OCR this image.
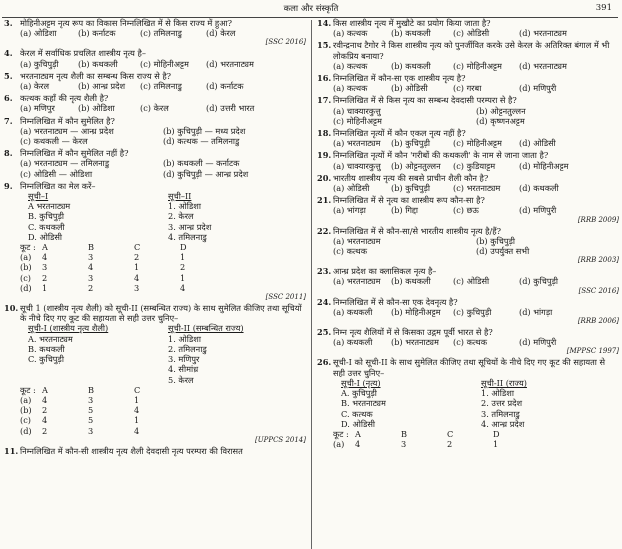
कला और संस्कृति	391
3. मोहिनीअट्टम नृत्य रूप का विकास निम्नलिखित में से किस राज्य में हुआ?
(a) ओडिशा	(b) कर्नाटक	(c) तमिलनाडु	(d) केरल
[SSC 2016]
4. केरल में सर्वाधिक प्रचलित शास्त्रीय नृत्य है–
(a) कुचिपुड़ी	(b) कथकली	(c) मोहिनीअट्टम	(d) भरतनाट्यम
5. भरतनाट्यम नृत्य शैली का सम्बन्ध किस राज्य से है?
(a) केरल	(b) आन्ध्र प्रदेश	(c) तमिलनाडु	(d) कर्नाटक
6. कत्थक कहाँ की नृत्य शैली है?
(a) मणिपुर	(b) ओडिशा	(c) केरल	(d) उत्तरी भारत
7. निम्नलिखित में कौन सुमेलित है?
(a) भरतनाट्यम — आन्ध्र प्रदेश	(b) कुचिपुड़ी — मध्य प्रदेश
(c) कथकली — केरल	(d) कत्थक — तमिलनाडु
8. निम्नलिखित में कौन सुमेलित नहीं है?
(a) भरतनाट्यम — तमिलनाडु	(b) कथकली — कर्नाटक
(c) ओडिसी — ओडिशा	(d) कुचिपुड़ी — आन्ध्र प्रदेश
9. निम्नलिखित का मेल करें–
सूची–I	सूची–II
A भरतनाट्यम	1. ओडिशा
B. कुचिपुड़ी	2. केरल
C. कथकली	3. आन्ध्र प्रदेश
D. ओडिसी	4. तमिलनाडु
कूट : A	B	C	D
(a)	4	3	2	1
(b)	3	4	1	2
(c)	2	3	4	1
(d)	1	2	3	4
[SSC 2011]
10. सूची 1 (शास्त्रीय नृत्य शैली) को सूची-II (सम्बन्धित राज्य) के साथ सुमेलित कीजिए तथा सूचियों के नीचे दिए गए कूट की सहायता से सही उत्तर चुनिए–
सूची-I (शास्त्रीय नृत्य शैली)	सूची-II (सम्बन्धित राज्य)
A. भरतनाट्यम	1. ओडिशा
B. कथकली	2. तमिलनाडु
C. कुचिपुड़ी	3. मणिपुर
4. सीमांध्र
5. केरल
कूट : A	B	C
(a)	4	3	1
(b)	2	5	4
(c)	4	5	1
(d)	2	3	4
[UPPCS 2014]
11. निम्नलिखित में कौन-सी शास्त्रीय नृत्य शैली देवदासी नृत्य परम्परा की विरासत
14. किस शास्त्रीय नृत्य में मुखौटे का प्रयोग किया जाता है?
(a) कत्थक	(b) कथकली	(c) ओडिसी	(d) भरतनाट्यम
15. रवीन्द्रनाथ टैगोर ने किस शास्त्रीय नृत्य को पुनर्जीवित करके उसे केरल के अतिरिक्त बंगाल में भी लोकप्रिय बनाया?
(a) कत्थक	(b) कथकली	(c) मोहिनीअट्टम	(d) भरतनाट्यम
16. निम्नलिखित में कौन-सा एक शास्त्रीय नृत्य है?
(a) कत्थक	(b) ओडिसी	(c) गरबा	(d) मणिपुरी
17. निम्नलिखित में से किस नृत्य का सम्बन्ध देवदासी परम्परा से है?
(a) चाक्यारकुत्तु	(b) ओट्टनतुल्लन
(c) मोहिनीअट्टम	(d) कृष्णनअट्टम
18. निम्नलिखित नृत्यों में कौन एकल नृत्य नहीं है?
(a) भरतनाट्यम	(b) कुचिपुड़ी	(c) मोहिनीअट्टम	(d) ओडिसी
19. निम्नलिखित नृत्यों में कौन 'गरीबों की कथकली' के नाम से जाना जाता है?
(a) चाक्यारकुत्तु	(b) ओट्टनतुल्लन	(c) कुडियाट्टम	(d) मोहिनीअट्टम
20. भारतीय शास्त्रीय नृत्य की सबसे प्राचीन शैली कौन है?
(a) ओडिसी	(b) कुचिपुड़ी	(c) भरतनाट्यम	(d) कथकली
21. निम्नलिखित में से नृत्य का शास्त्रीय रूप कौन-सा है?
(a) भांगड़ा	(b) गिद्दा	(c) छऊ	(d) मणिपुरी
[RRB 2009]
22. निम्नलिखित में से कौन-सा/से भारतीय शास्त्रीय नृत्य है/हैं?
(a) भरतनाट्यम	(b) कुचिपुड़ी
(c) कत्थक	(d) उपर्युक्त सभी
[RRB 2003]
23. आन्ध्र प्रदेश का क्लासिकल नृत्य है–
(a) भरतनाट्यम	(b) कथकली	(c) ओडिसी	(d) कुचिपुड़ी
[SSC 2016]
24. निम्नलिखित में से कौन-सा एक देवनृत्य है?
(a) कथकली	(b) मोहिनीअट्टम	(c) कुचिपुड़ी	(d) भांगड़ा
[RRB 2006]
25. निम्न नृत्य शैलियों में से किसका उद्गम पूर्वी भारत से है?
(a) कथकली	(b) भरतनाट्यम	(c) कत्थक	(d) मणिपुरी
[MPPSC 1997]
26. सूची-I को सूची-II के साथ सुमेलित कीजिए तथा सूचियों के नीचे दिए गए कूट की सहायता से सही उत्तर चुनिए–
सूची-I (नृत्य)	सूची-II (राज्य)
A. कुचिपुड़ी	1. ओडिशा
B. भरतनाट्यम	2. उत्तर प्रदेश
C. कत्थक	3. तमिलनाडु
D. ओडिसी	4. आन्ध्र प्रदेश
कूट : A	B	C	D
(a)	4	3	2	1
